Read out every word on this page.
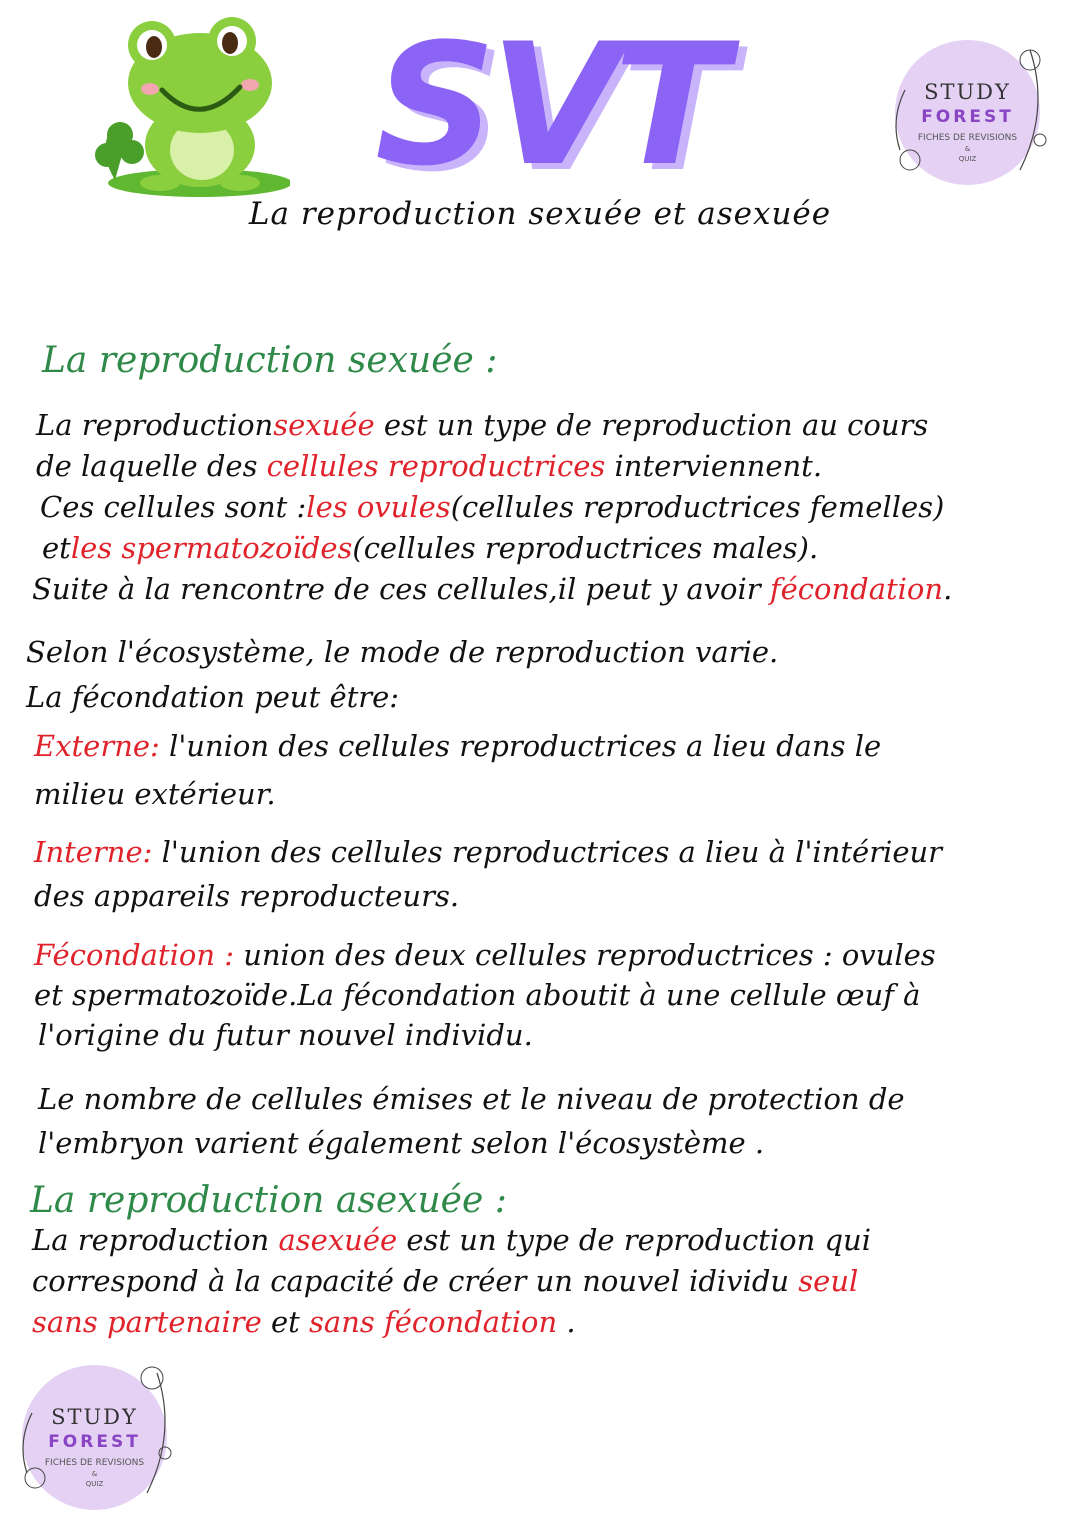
SVT	STUDY
FOREST
FICHES DE REVISIONS
&
QUIZ
La reproduction sexuée et asexuée
La reproduction sexuée :
La reproductionsexuée est un type de reproduction au cours
de laquelle des cellules reproductrices interviennent.
Ces cellules sont :les ovules(cellules reproductrices femelles)
etles spermatozoïdes(cellules reproductrices males).
Suite à la rencontre de ces cellules,il peut y avoir fécondation.
Selon l'écosystème, le mode de reproduction varie.
La fécondation peut être:
Externe: l'union des cellules reproductrices a lieu dans le
milieu extérieur.
Interne: l'union des cellules reproductrices a lieu à l'intérieur
des appareils reproducteurs.
Fécondation : union des deux cellules reproductrices : ovules
et spermatozoïde.La fécondation aboutit à une cellule œuf à
l'origine du futur nouvel individu.
Le nombre de cellules émises et le niveau de protection de
l'embryon varient également selon l'écosystème .
La reproduction asexuée :
La reproduction asexuée est un type de reproduction qui
correspond à la capacité de créer un nouvel idividu seul
sans partenaire et sans fécondation .
STUDY
FOREST
FICHES DE REVISIONS
&
QUIZ
